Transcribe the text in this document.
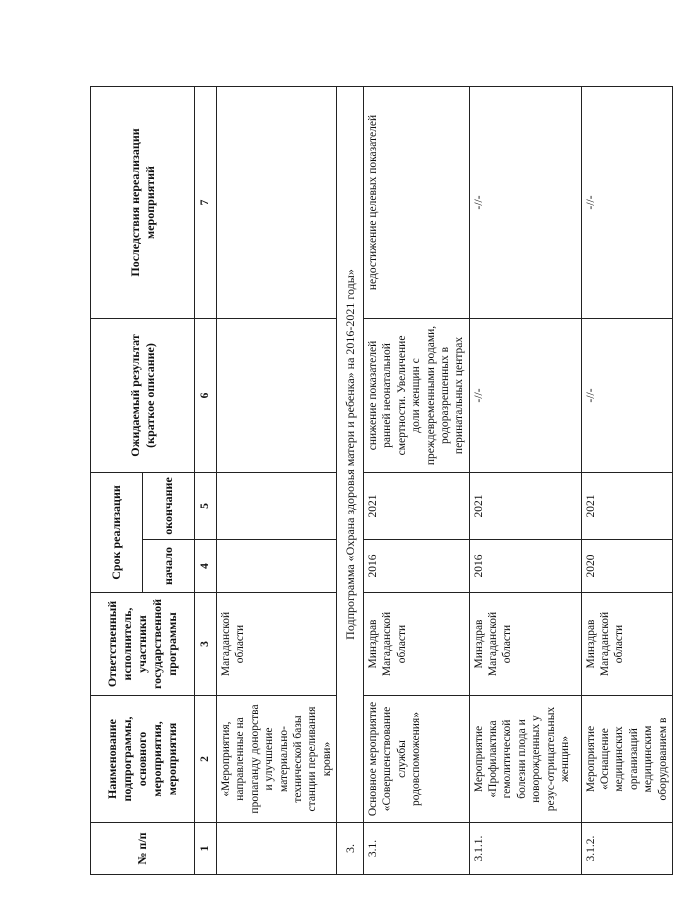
№ п/п	Наименование подпрограммы, основного мероприятия, мероприятия	Ответственный исполнитель, участники государственной программы	Срок реализации		Ожидаемый результат (краткое описание)	Последствия нереализации мероприятий
			начало	окончание		
1	2	3	4	5	6	7
	«Мероприятия, направленные на пропаганду донорства и улучшение материально-технической базы станции переливания крови»	Магаданской области				
3.	Подпрограмма «Охрана здоровья матери и ребенка» на 2016-2021 годы»					
3.1.	Основное мероприятие «Совершенствование службы родовспоможения»	Минздрав Магаданской области	2016	2021	снижение показателей ранней неонатальной смертности. Увеличение доли женщин с преждевременными родами, родоразрешенных в перинатальных центрах	недостижение целевых показателей
3.1.1.	Мероприятие «Профилактика гемолитической болезни плода и новорожденных у резус-отрицательных женщин»	Минздрав Магаданской области	2016	2021	-//-	-//-
3.1.2.	Мероприятие «Оснащение медицинских организаций медицинским оборудованием в	Минздрав Магаданской области	2020	2021	-//-	-//-
